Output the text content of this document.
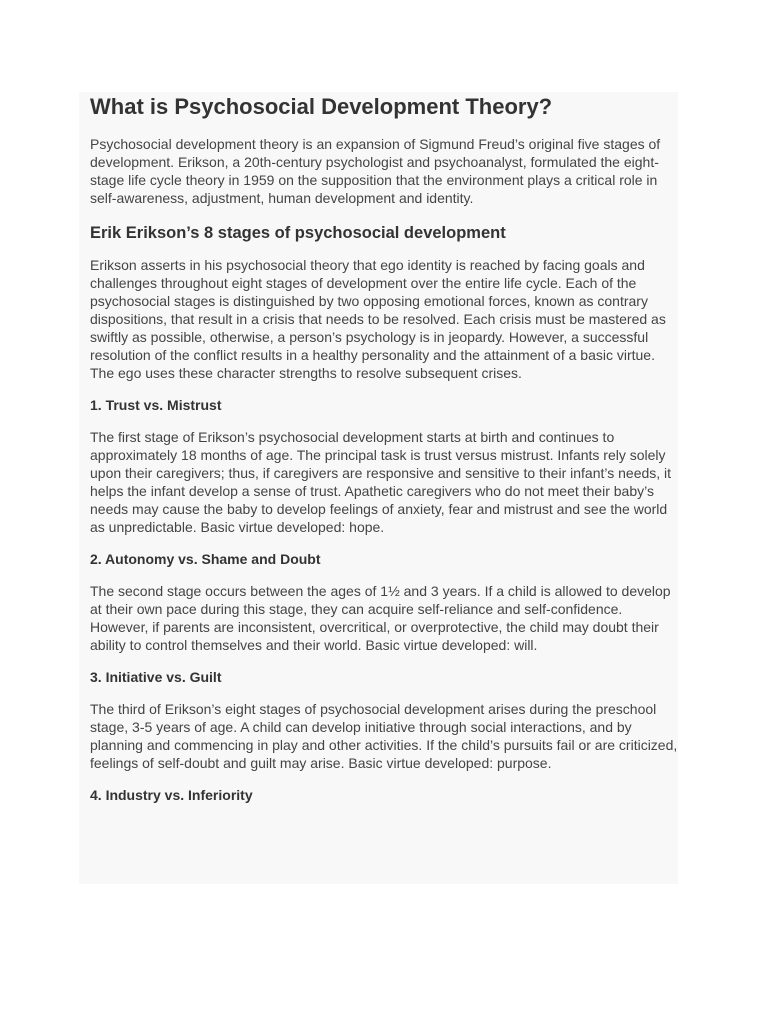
What is Psychosocial Development Theory?

Psychosocial development theory is an expansion of Sigmund Freud’s original five stages of development. Erikson, a 20th-century psychologist and psychoanalyst, formulated the eight-stage life cycle theory in 1959 on the supposition that the environment plays a critical role in self-awareness, adjustment, human development and identity.

Erik Erikson’s 8 stages of psychosocial development

Erikson asserts in his psychosocial theory that ego identity is reached by facing goals and challenges throughout eight stages of development over the entire life cycle. Each of the psychosocial stages is distinguished by two opposing emotional forces, known as contrary dispositions, that result in a crisis that needs to be resolved. Each crisis must be mastered as swiftly as possible, otherwise, a person’s psychology is in jeopardy. However, a successful resolution of the conflict results in a healthy personality and the attainment of a basic virtue. The ego uses these character strengths to resolve subsequent crises.

1. Trust vs. Mistrust

The first stage of Erikson’s psychosocial development starts at birth and continues to approximately 18 months of age. The principal task is trust versus mistrust. Infants rely solely upon their caregivers; thus, if caregivers are responsive and sensitive to their infant’s needs, it helps the infant develop a sense of trust. Apathetic caregivers who do not meet their baby’s needs may cause the baby to develop feelings of anxiety, fear and mistrust and see the world as unpredictable. Basic virtue developed: hope.

2. Autonomy vs. Shame and Doubt

The second stage occurs between the ages of 1½ and 3 years. If a child is allowed to develop at their own pace during this stage, they can acquire self-reliance and self-confidence. However, if parents are inconsistent, overcritical, or overprotective, the child may doubt their ability to control themselves and their world. Basic virtue developed: will.

3. Initiative vs. Guilt

The third of Erikson’s eight stages of psychosocial development arises during the preschool stage, 3-5 years of age. A child can develop initiative through social interactions, and by planning and commencing in play and other activities. If the child’s pursuits fail or are criticized, feelings of self-doubt and guilt may arise. Basic virtue developed: purpose.

4. Industry vs. Inferiority
